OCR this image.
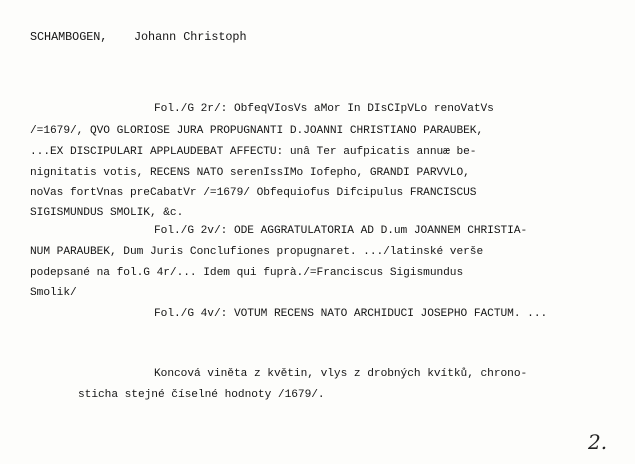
SCHAMBOGEN, Johann Christoph
Fol./G 2r/: ObfeqVIosVs aMor In DIsCIpVLo renoVatVs
/=1679/, QVO GLORIOSE JURA PROPUGNANTI D.JOANNI CHRISTIANO PARAUBEK,
...EX DISCIPULARI APPLAUDEBAT AFFECTU: unâ Ter aufpicatis annuæ be-
nignitatis votis, RECENS NATO serenIssIMo Iofepho, GRANDI PARVVLO,
noVas fortVnas preCabatVr /=1679/ Obfequiofus Difcipulus FRANCISCUS
SIGISMUNDUS SMOLIK, &c.
Fol./G 2v/: ODE AGGRATULATORIA AD D.um JOANNEM CHRISTIA-
NUM PARAUBEK, Dum Juris Conclufiones propugnaret. .../latinské verše
podepsané na fol.G 4r/... Idem qui fuprà./=Franciscus Sigismundus
Smolik/
Fol./G 4v/: VOTUM RECENS NATO ARCHIDUCI JOSEPHO FACTUM. ...
Koncová viněta z květin, vlys z drobných kvítků, chrono-
sticha stejné číselné hodnoty /1679/.
2.
